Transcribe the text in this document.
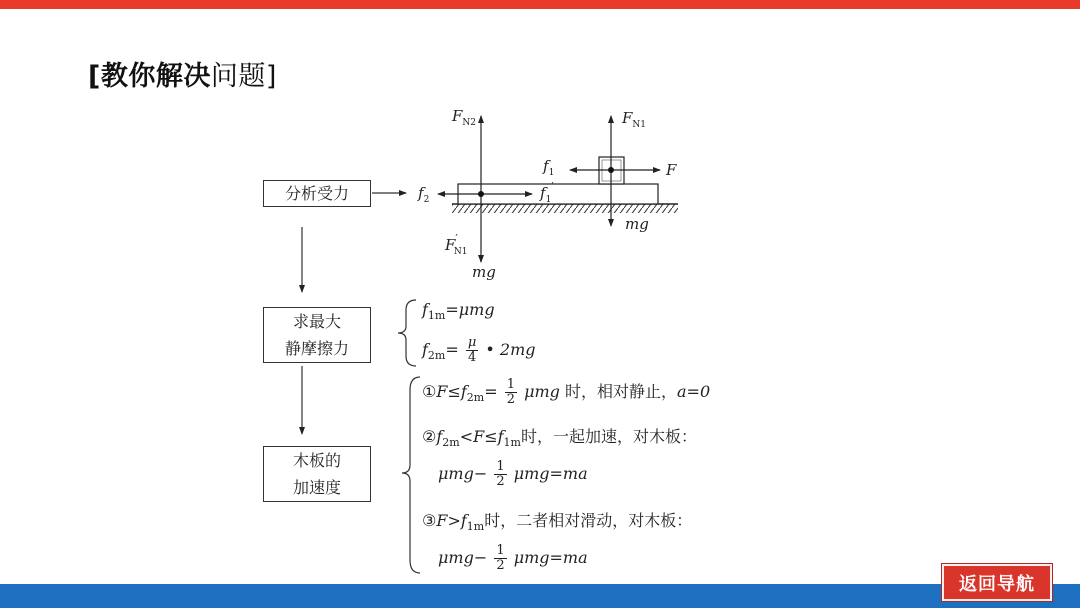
[教你解决问题]
分析受力
求最大
静摩擦力
木板的
加速度
$F_{N2}$	$F_{N1}$
$f_1$	F
$f_2$	$f_1'$
F′ N1
mg
mg
$f_{1m}=\mu mg$
$f_{2m}= \frac{\mu}{4}$ • 2mg
$①F\le f_{2m}= \frac{1}{2}$ μmg 时，相对静止，a=0
$②f_{2m}<F\le f_{1m}$时，一起加速，对木板：
$\mu mg- \frac{1}{2} \mu mg=ma$
$③F>f_{1m}$时，二者相对滑动，对木板：
$\mu mg- \frac{1}{2} \mu mg=ma$
返回导航
